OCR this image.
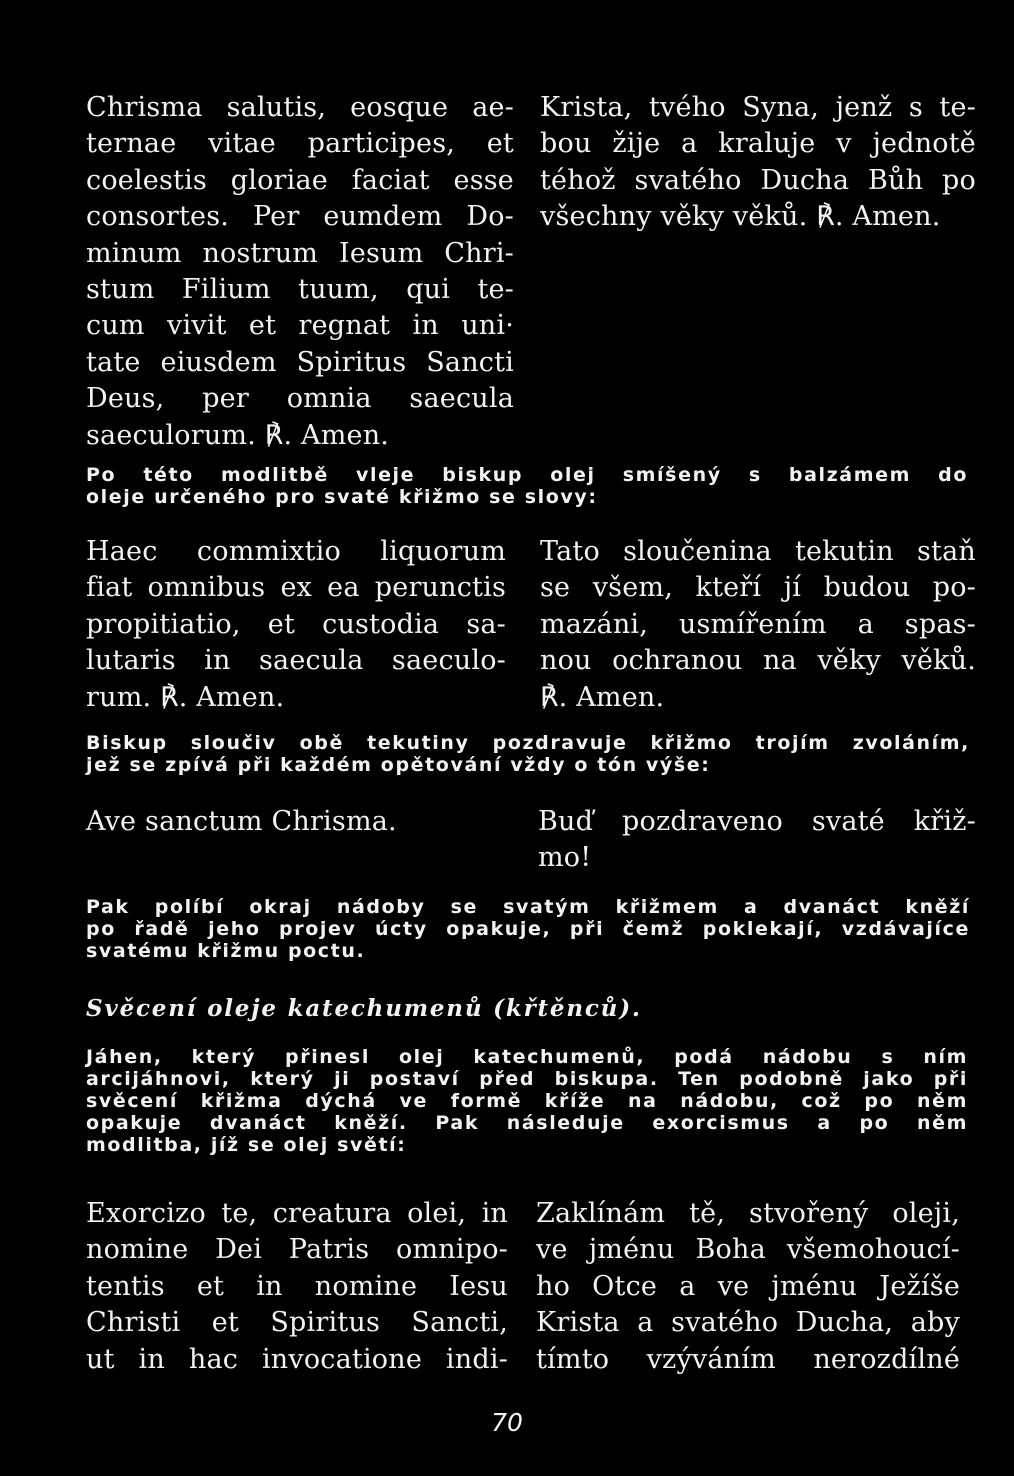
Chrisma salutis, eosque ae-
ternae vitae participes, et
coelestis gloriae faciat esse
consortes. Per eumdem Do-
minum nostrum Iesum Chri-
stum Filium tuum, qui te-
cum vivit et regnat in uni·
tate eiusdem Spiritus Sancti
Deus, per omnia saecula
saeculorum. ℟. Amen.
Krista, tvého Syna, jenž s te-
bou žije a kraluje v jednotě
téhož svatého Ducha Bůh po
všechny věky věků. ℟. Amen.
Po této modlitbě vleje biskup olej smíšený s balzámem do
oleje určeného pro svaté křižmo se slovy:
Haec commixtio liquorum
fiat omnibus ex ea perunctis
propitiatio, et custodia sa-
lutaris in saecula saeculo-
rum. ℟. Amen.
Tato sloučenina tekutin staň
se všem, kteří jí budou po-
mazáni, usmířením a spas-
nou ochranou na věky věků.
℟. Amen.
Biskup sloučiv obě tekutiny pozdravuje křižmo trojím zvoláním,
jež se zpívá při každém opětování vždy o tón výše:
Ave sanctum Chrisma.	Buď pozdraveno svaté křiž-
mo!
Pak políbí okraj nádoby se svatým křižmem a dvanáct kněží
po řadě jeho projev úcty opakuje, při čemž poklekají, vzdávajíce
svatému křižmu poctu.
Svěcení oleje katechumenů (křtěnců).
Jáhen, který přinesl olej katechumenů, podá nádobu s ním
arcijáhnovi, který ji postaví před biskupa. Ten podobně jako při
svěcení křižma dýchá ve formě kříže na nádobu, což po něm
opakuje dvanáct kněží. Pak následuje exorcismus a po něm
modlitba, jíž se olej světí:
Exorcizo te, creatura olei, in
nomine Dei Patris omnipo-
tentis et in nomine Iesu
Christi et Spiritus Sancti,
ut in hac invocatione indi-
Zaklínám tě, stvořený oleji,
ve jménu Boha všemohoucí-
ho Otce a ve jménu Ježíše
Krista a svatého Ducha, aby
tímto vzýváním nerozdílné
70
